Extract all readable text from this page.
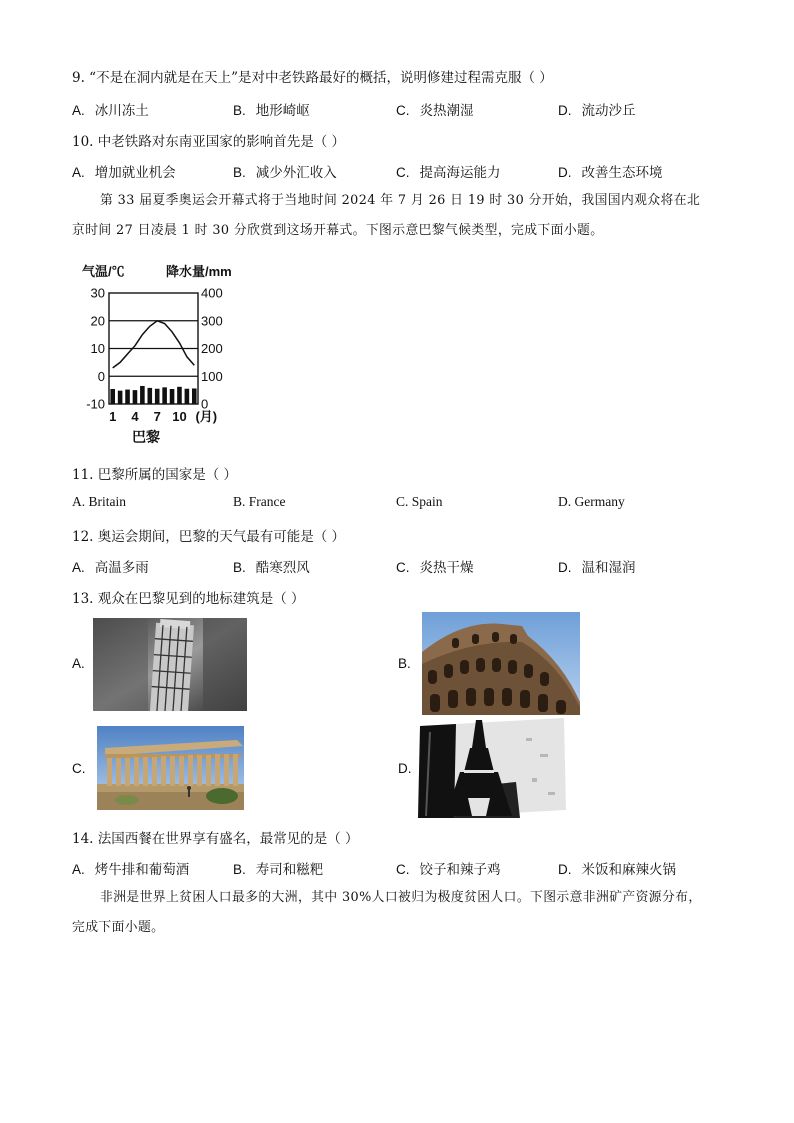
9. “不是在洞内就是在天上”是对中老铁路最好的概括，说明修建过程需克服（ ）
A. 冰川冻土	B. 地形崎岖	C. 炎热潮湿	D. 流动沙丘
10. 中老铁路对东南亚国家的影响首先是（ ）
A. 增加就业机会	B. 减少外汇收入	C. 提高海运能力	D. 改善生态环境
第 33 届夏季奥运会开幕式将于当地时间 2024 年 7 月 26 日 19 时 30 分开始，我国国内观众将在北京时间 27 日凌晨 1 时 30 分欣赏到这场开幕式。下图示意巴黎气候类型，完成下面小题。
气温/℃	降水量/mm
-10
0
10
20
30
0
100
200
300
400
1 4 7 10 (月)
巴黎
11. 巴黎所属的国家是（ ）
A. Britain	B. France	C. Spain	D. Germany
12. 奥运会期间，巴黎的天气最有可能是（ ）
A. 高温多雨	B. 酷寒烈风	C. 炎热干燥	D. 温和湿润
13. 观众在巴黎见到的地标建筑是（ ）
A.	B.
C.	D.
14. 法国西餐在世界享有盛名，最常见的是（ ）
A. 烤牛排和葡萄酒	B. 寿司和糍粑	C. 饺子和辣子鸡	D. 米饭和麻辣火锅
非洲是世界上贫困人口最多的大洲，其中 30%人口被归为极度贫困人口。下图示意非洲矿产资源分布，完成下面小题。
